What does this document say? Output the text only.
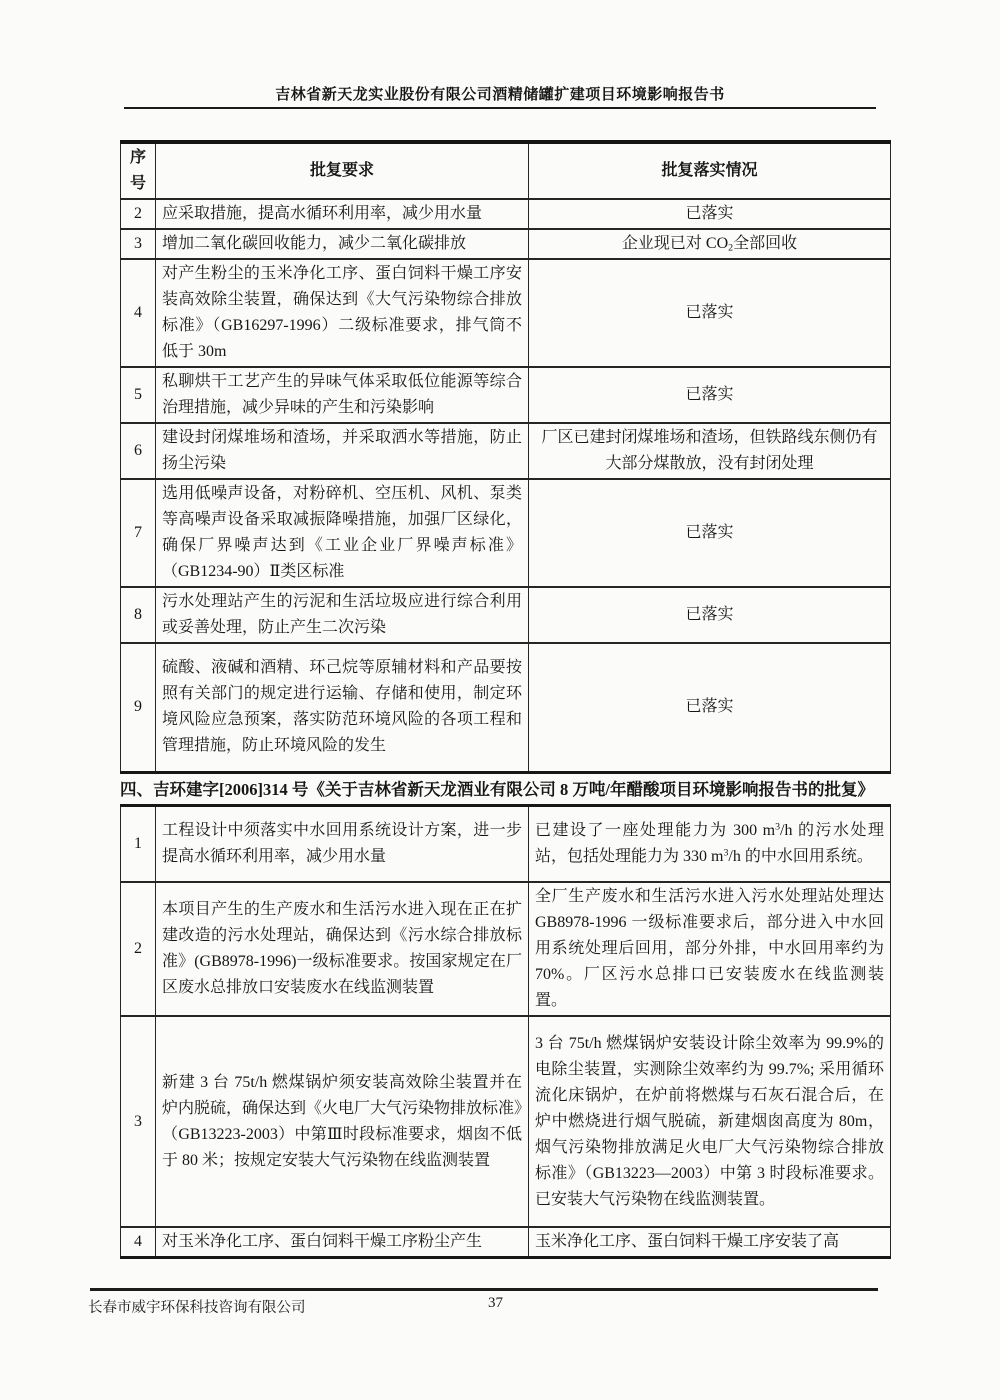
吉林省新天龙实业股份有限公司酒精储罐扩建项目环境影响报告书
序号	批复要求	批复落实情况
2	应采取措施，提高水循环利用率，减少用水量	已落实
3	增加二氧化碳回收能力，减少二氧化碳排放	企业现已对 $CO_2$全部回收
4	对产生粉尘的玉米净化工序、蛋白饲料干燥工序安装高效除尘装置，确保达到《大气污染物综合排放标准》（GB16297-1996）二级标准要求，排气筒不低于 30m	已落实
5	私聊烘干工艺产生的异味气体采取低位能源等综合治理措施，减少异味的产生和污染影响	已落实
6	建设封闭煤堆场和渣场，并采取洒水等措施，防止扬尘污染	厂区已建封闭煤堆场和渣场，但铁路线东侧仍有大部分煤散放，没有封闭处理
7	选用低噪声设备，对粉碎机、空压机、风机、泵类等高噪声设备采取减振降噪措施，加强厂区绿化，确保厂界噪声达到《工业企业厂界噪声标准》（GB1234-90）Ⅱ类区标准	已落实
8	污水处理站产生的污泥和生活垃圾应进行综合利用或妥善处理，防止产生二次污染	已落实
9	硫酸、液碱和酒精、环己烷等原辅材料和产品要按照有关部门的规定进行运输、存储和使用，制定环境风险应急预案，落实防范环境风险的各项工程和管理措施，防止环境风险的发生	已落实
四、吉环建字[2006]314 号《关于吉林省新天龙酒业有限公司 8 万吨/年醋酸项目环境影响报告书的批复》
1	工程设计中须落实中水回用系统设计方案，进一步提高水循环利用率，减少用水量	已建设了一座处理能力为 300 $m^3/h$ 的污水处理站，包括处理能力为 330 $m^3/h$ 的中水回用系统。
2	本项目产生的生产废水和生活污水进入现在正在扩建改造的污水处理站，确保达到《污水综合排放标准》(GB8978-1996)一级标准要求。按国家规定在厂区废水总排放口安装废水在线监测装置	全厂生产废水和生活污水进入污水处理站处理达 GB8978-1996 一级标准要求后，部分进入中水回用系统处理后回用，部分外排，中水回用率约为 70%。厂区污水总排口已安装废水在线监测装置。
3	新建 3 台 75t/h 燃煤锅炉须安装高效除尘装置并在炉内脱硫，确保达到《火电厂大气污染物排放标准》（GB13223-2003）中第Ⅲ时段标准要求，烟囱不低于 80 米；按规定安装大气污染物在线监测装置	3 台 75t/h 燃煤锅炉安装设计除尘效率为 99.9%的电除尘装置，实测除尘效率约为 99.7%; 采用循环流化床锅炉，在炉前将燃煤与石灰石混合后，在炉中燃烧进行烟气脱硫，新建烟囱高度为 80m，烟气污染物排放满足火电厂大气污染物综合排放标准》（GB13223—2003）中第 3 时段标准要求。已安装大气污染物在线监测装置。
4	对玉米净化工序、蛋白饲料干燥工序粉尘产生	玉米净化工序、蛋白饲料干燥工序安装了高
长春市威宇环保科技咨询有限公司	37
